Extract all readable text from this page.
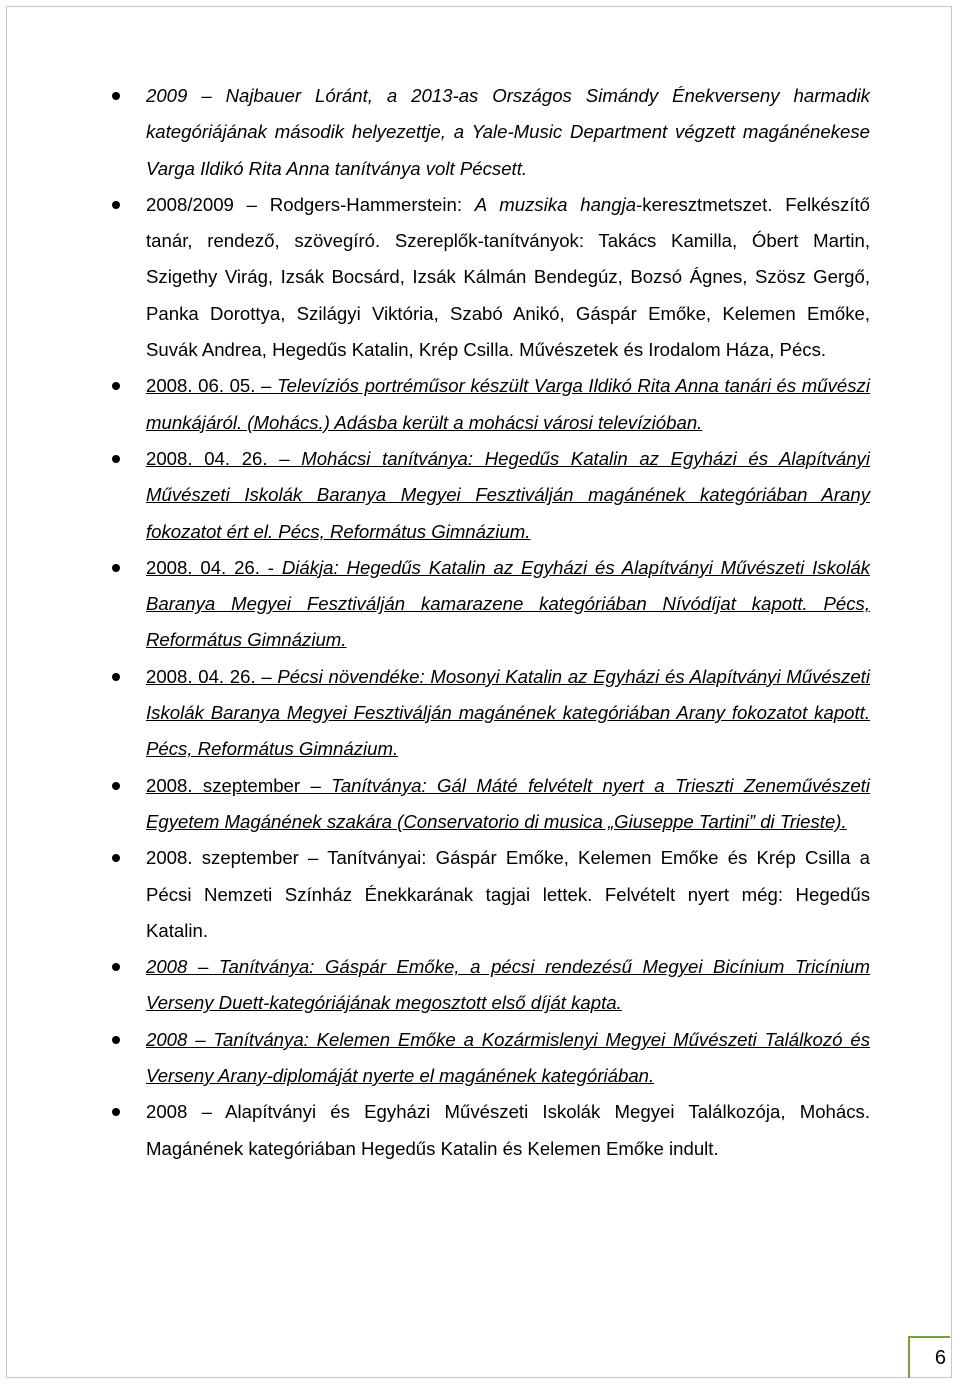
2009 – Najbauer Lóránt, a 2013-as Országos Simándy Énekverseny harmadik kategóriájának második helyezettje, a Yale-Music Department végzett magánénekese Varga Ildikó Rita Anna tanítványa volt Pécsett.
2008/2009 – Rodgers-Hammerstein: A muzsika hangja-keresztmetszet. Felkészítő tanár, rendező, szövegíró. Szereplők-tanítványok: Takács Kamilla, Óbert Martin, Szigethy Virág, Izsák Bocsárd, Izsák Kálmán Bendegúz, Bozsó Ágnes, Szösz Gergő, Panka Dorottya, Szilágyi Viktória, Szabó Anikó, Gáspár Emőke, Kelemen Emőke, Suvák Andrea, Hegedűs Katalin, Krép Csilla. Művészetek és Irodalom Háza, Pécs.
2008. 06. 05. – Televíziós portréműsor készült Varga Ildikó Rita Anna tanári és művészi munkájáról. (Mohács.) Adásba került a mohácsi városi televízióban.
2008. 04. 26. – Mohácsi tanítványa: Hegedűs Katalin az Egyházi és Alapítványi Művészeti Iskolák Baranya Megyei Fesztiválján magánének kategóriában Arany fokozatot ért el. Pécs, Református Gimnázium.
2008. 04. 26. - Diákja: Hegedűs Katalin az Egyházi és Alapítványi Művészeti Iskolák Baranya Megyei Fesztiválján kamarazene kategóriában Nívódíjat kapott. Pécs, Református Gimnázium.
2008. 04. 26. – Pécsi növendéke: Mosonyi Katalin az Egyházi és Alapítványi Művészeti Iskolák Baranya Megyei Fesztiválján magánének kategóriában Arany fokozatot kapott. Pécs, Református Gimnázium.
2008. szeptember – Tanítványa: Gál Máté felvételt nyert a Trieszti Zeneművészeti Egyetem Magánének szakára (Conservatorio di musica „Giuseppe Tartini” di Trieste).
2008. szeptember – Tanítványai: Gáspár Emőke, Kelemen Emőke és Krép Csilla a Pécsi Nemzeti Színház Énekkarának tagjai lettek. Felvételt nyert még: Hegedűs Katalin.
2008 – Tanítványa: Gáspár Emőke, a pécsi rendezésű Megyei Bicínium Tricínium Verseny Duett-kategóriájának megosztott első díját kapta.
2008 – Tanítványa: Kelemen Emőke a Kozármislenyi Megyei Művészeti Találkozó és Verseny Arany-diplomáját nyerte el magánének kategóriában.
2008 – Alapítványi és Egyházi Művészeti Iskolák Megyei Találkozója, Mohács. Magánének kategóriában Hegedűs Katalin és Kelemen Emőke indult.
6
